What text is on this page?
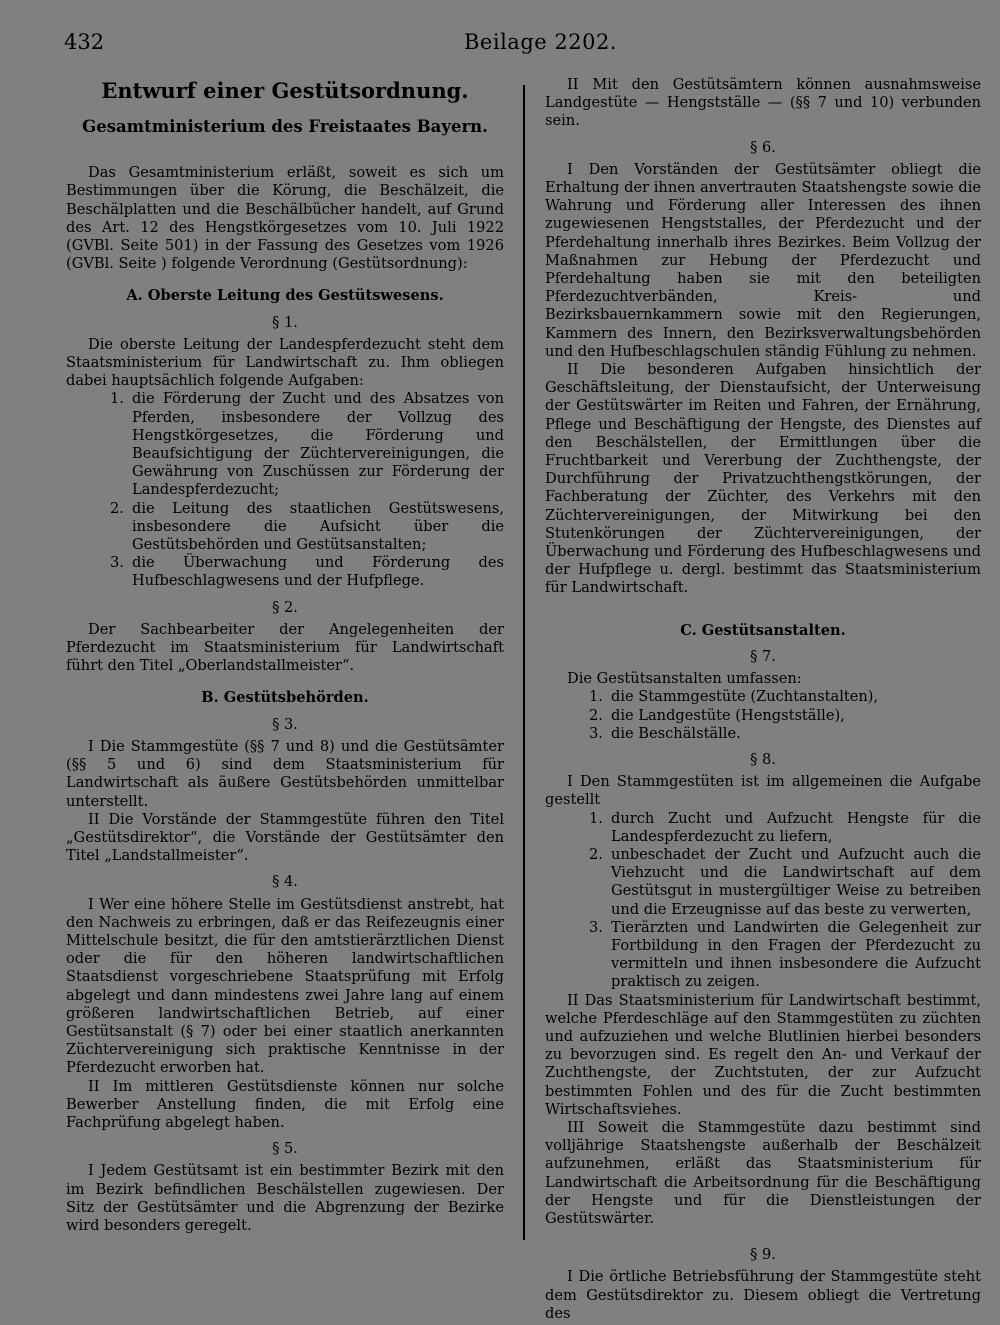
432	Beilage 2202.
Entwurf einer Gestütsordnung.
Gesamtministerium des Freistaates Bayern.

Das Gesamtministerium erläßt, soweit es sich um Bestimmungen über die Körung, die Beschälzeit, die Beschälplatten und die Beschälbücher handelt, auf Grund des Art. 12 des Hengstkörgesetzes vom 10. Juli 1922 (GVBl. Seite 501) in der Fassung des Gesetzes vom 1926 (GVBl. Seite ) folgende Verordnung (Gestütsordnung):

A. Oberste Leitung des Gestütswesens.
§ 1.

Die oberste Leitung der Landespferdezucht steht dem Staatsministerium für Landwirtschaft zu. Ihm obliegen dabei hauptsächlich folgende Aufgaben:

1. die Förderung der Zucht und des Absatzes von Pferden, insbesondere der Vollzug des Hengstkörgesetzes, die Förderung und Beaufsichtigung der Züchtervereinigungen, die Gewährung von Zuschüssen zur Förderung der Landespferdezucht;
2. die Leitung des staatlichen Gestütswesens, insbesondere die Aufsicht über die Gestütsbehörden und Gestütsanstalten;
3. die Überwachung und Förderung des Hufbeschlagwesens und der Hufpflege.
§ 2.

Der Sachbearbeiter der Angelegenheiten der Pferdezucht im Staatsministerium für Landwirtschaft führt den Titel „Oberlandstallmeister“.

B. Gestütsbehörden.
§ 3.

I Die Stammgestüte (§§ 7 und 8) und die Gestütsämter (§§ 5 und 6) sind dem Staatsministerium für Landwirtschaft als äußere Gestütsbehörden unmittelbar unterstellt.

II Die Vorstände der Stammgestüte führen den Titel „Gestütsdirektor“, die Vorstände der Gestütsämter den Titel „Landstallmeister“.

§ 4.

I Wer eine höhere Stelle im Gestütsdienst anstrebt, hat den Nachweis zu erbringen, daß er das Reifezeugnis einer Mittelschule besitzt, die für den amtstierärztlichen Dienst oder die für den höheren landwirtschaftlichen Staatsdienst vorgeschriebene Staatsprüfung mit Erfolg abgelegt und dann mindestens zwei Jahre lang auf einem größeren landwirtschaftlichen Betrieb, auf einer Gestütsanstalt (§ 7) oder bei einer staatlich anerkannten Züchtervereinigung sich praktische Kenntnisse in der Pferdezucht erworben hat.

II Im mittleren Gestütsdienste können nur solche Bewerber Anstellung finden, die mit Erfolg eine Fachprüfung abgelegt haben.

§ 5.

I Jedem Gestütsamt ist ein bestimmter Bezirk mit den im Bezirk befindlichen Beschälstellen zugewiesen. Der Sitz der Gestütsämter und die Abgrenzung der Bezirke wird besonders geregelt.

II Mit den Gestütsämtern können ausnahmsweise Landgestüte — Hengstställe — (§§ 7 und 10) verbunden sein.

§ 6.

I Den Vorständen der Gestütsämter obliegt die Erhaltung der ihnen anvertrauten Staatshengste sowie die Wahrung und Förderung aller Interessen des ihnen zugewiesenen Hengststalles, der Pferdezucht und der Pferdehaltung innerhalb ihres Bezirkes. Beim Vollzug der Maßnahmen zur Hebung der Pferdezucht und Pferdehaltung haben sie mit den beteiligten Pferdezuchtverbänden, Kreis- und Bezirksbauernkammern sowie mit den Regierungen, Kammern des Innern, den Bezirksverwaltungsbehörden und den Hufbeschlagschulen ständig Fühlung zu nehmen.

II Die besonderen Aufgaben hinsichtlich der Geschäftsleitung, der Dienstaufsicht, der Unterweisung der Gestütswärter im Reiten und Fahren, der Ernährung, Pflege und Beschäftigung der Hengste, des Dienstes auf den Beschälstellen, der Ermittlungen über die Fruchtbarkeit und Vererbung der Zuchthengste, der Durchführung der Privatzuchthengstkörungen, der Fachberatung der Züchter, des Verkehrs mit den Züchtervereinigungen, der Mitwirkung bei den Stutenkörungen der Züchtervereinigungen, der Überwachung und Förderung des Hufbeschlagwesens und der Hufpflege u. dergl. bestimmt das Staatsministerium für Landwirtschaft.

C. Gestütsanstalten.
§ 7.

Die Gestütsanstalten umfassen:

1. die Stammgestüte (Zuchtanstalten),
2. die Landgestüte (Hengstställe),
3. die Beschälställe.
§ 8.

I Den Stammgestüten ist im allgemeinen die Aufgabe gestellt

1. durch Zucht und Aufzucht Hengste für die Landespferdezucht zu liefern,
2. unbeschadet der Zucht und Aufzucht auch die Viehzucht und die Landwirtschaft auf dem Gestütsgut in mustergültiger Weise zu betreiben und die Erzeugnisse auf das beste zu verwerten,
3. Tierärzten und Landwirten die Gelegenheit zur Fortbildung in den Fragen der Pferdezucht zu vermitteln und ihnen insbesondere die Aufzucht praktisch zu zeigen.

II Das Staatsministerium für Landwirtschaft bestimmt, welche Pferdeschläge auf den Stammgestüten zu züchten und aufzuziehen und welche Blutlinien hierbei besonders zu bevorzugen sind. Es regelt den An- und Verkauf der Zuchthengste, der Zuchtstuten, der zur Aufzucht bestimmten Fohlen und des für die Zucht bestimmten Wirtschaftsviehes.

III Soweit die Stammgestüte dazu bestimmt sind volljährige Staatshengste außerhalb der Beschälzeit aufzunehmen, erläßt das Staatsministerium für Landwirtschaft die Arbeitsordnung für die Beschäftigung der Hengste und für die Dienstleistungen der Gestütswärter.

§ 9.

I Die örtliche Betriebsführung der Stammgestüte steht dem Gestütsdirektor zu. Diesem obliegt die Vertretung des
